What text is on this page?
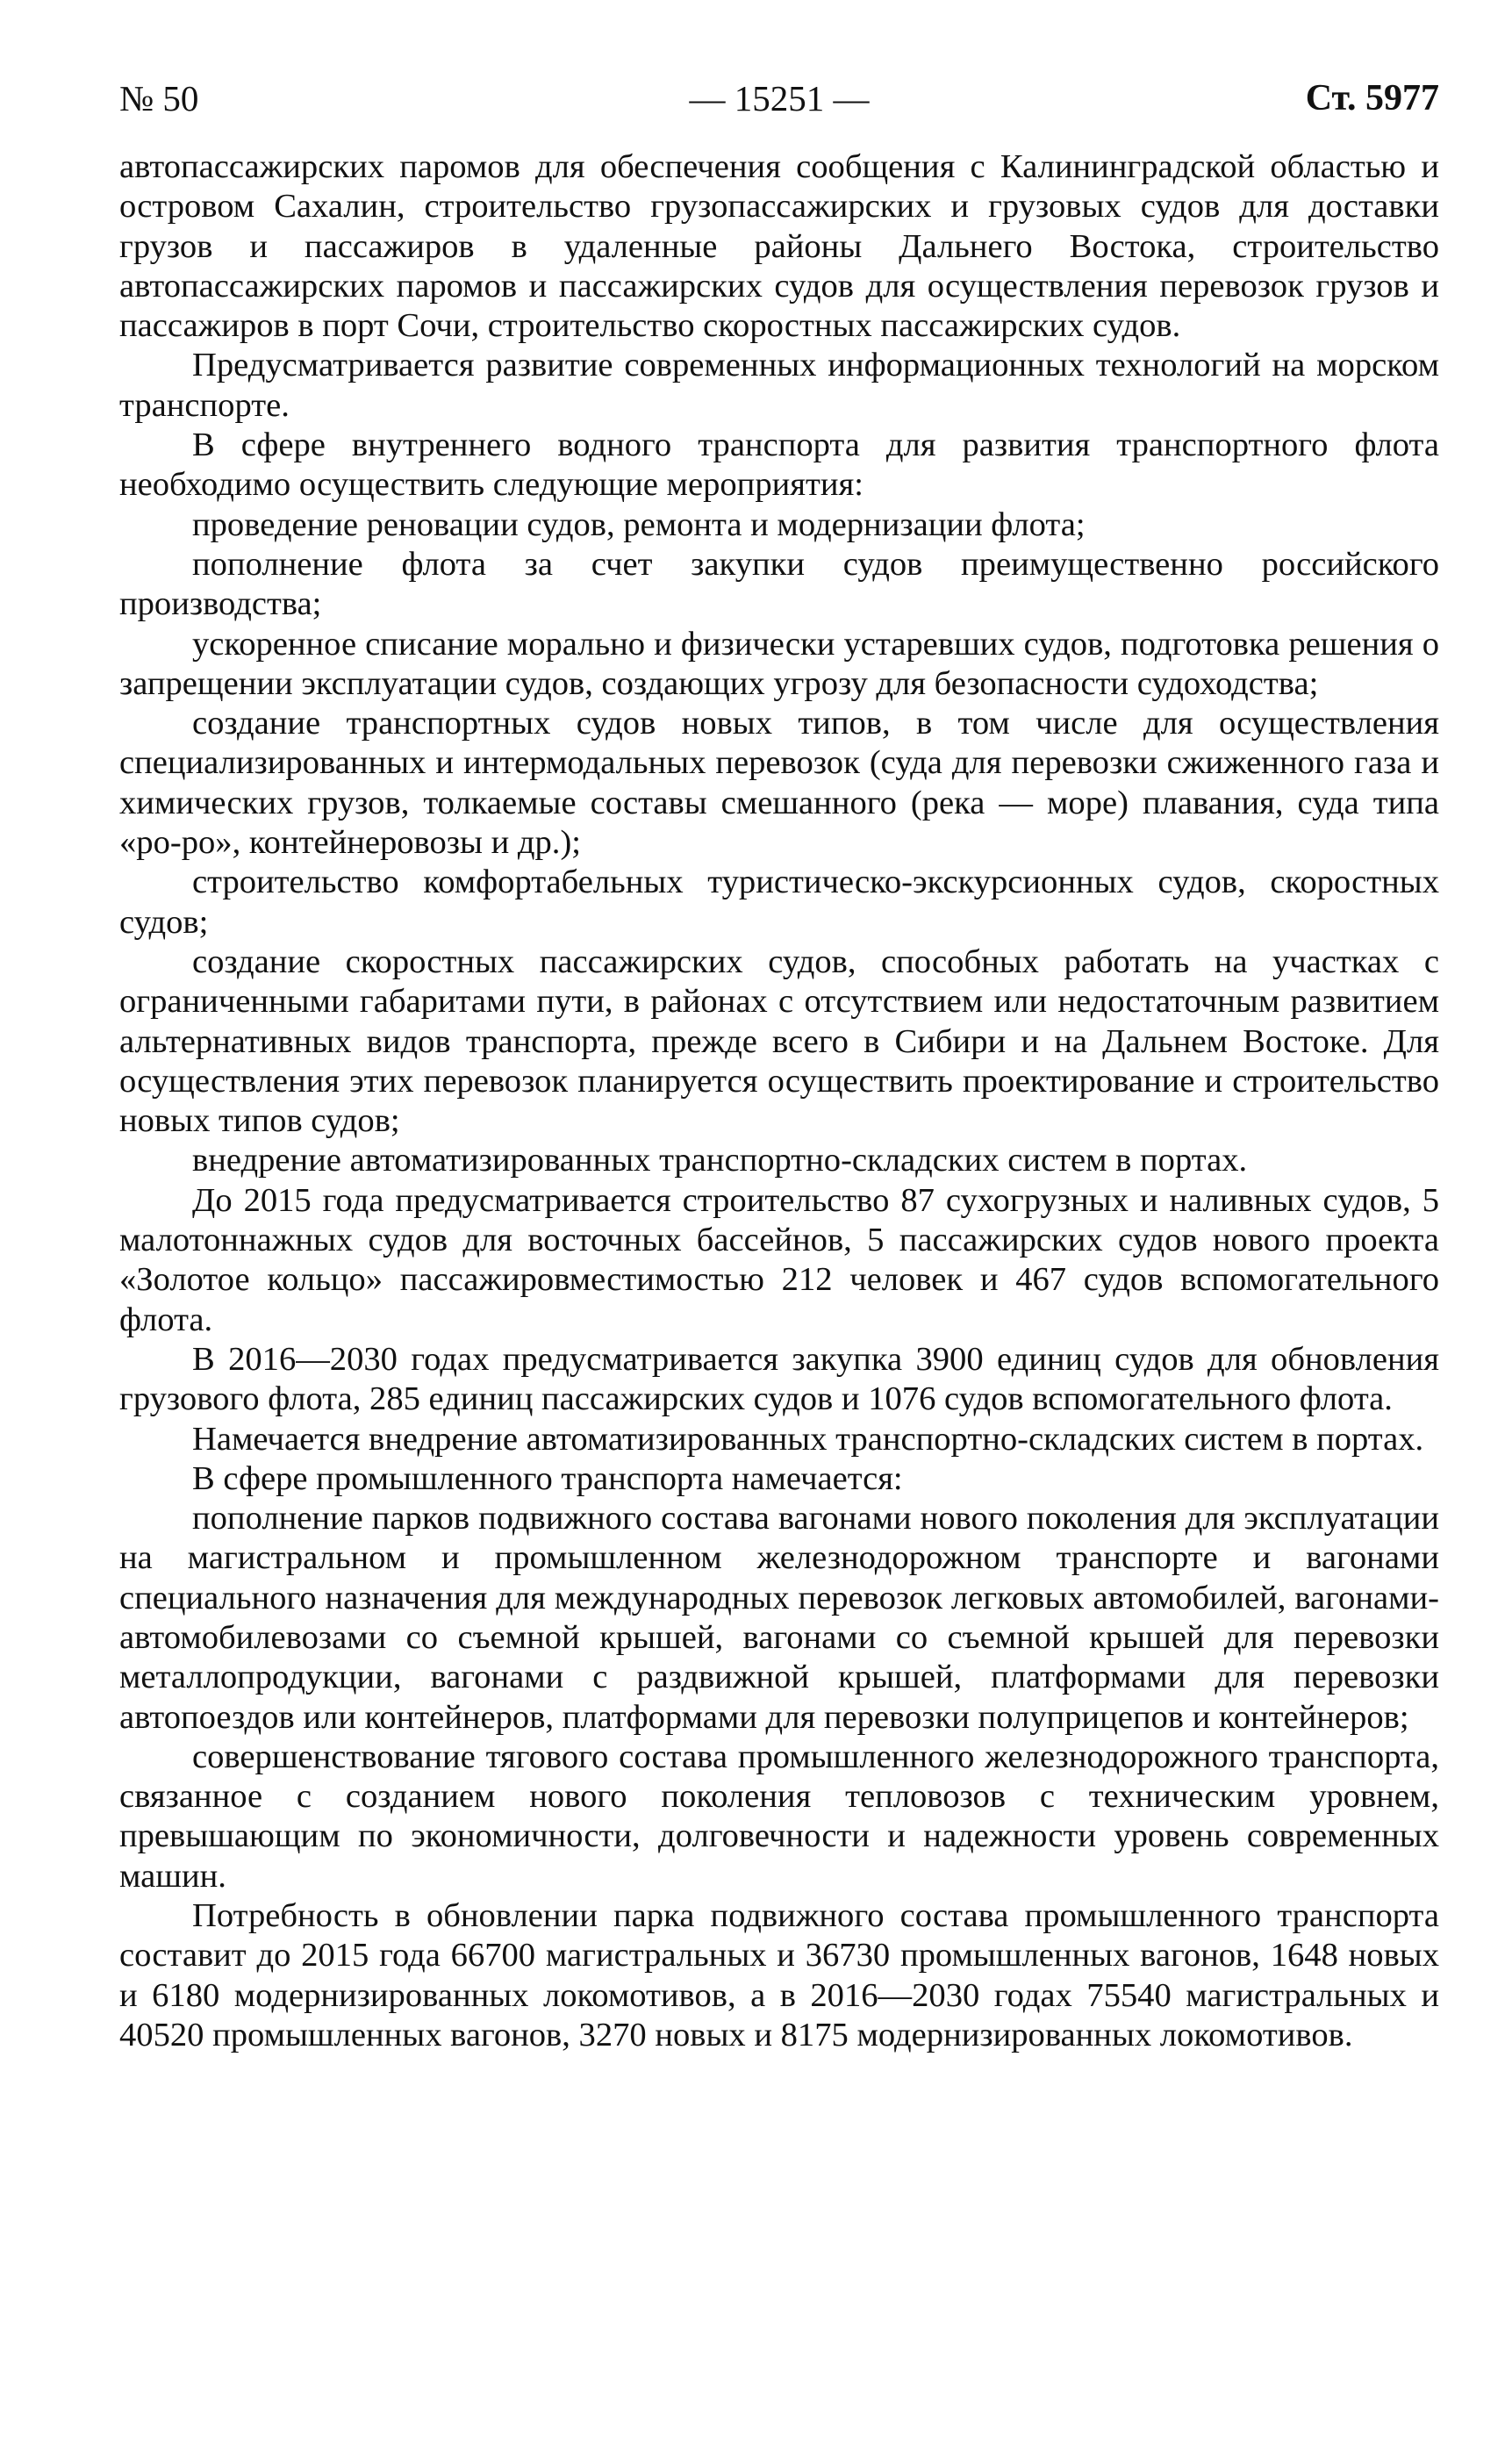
— 15251 —
№ 50	Ст. 5977

автопассажирских паромов для обеспечения сообщения с Калининградской областью и островом Сахалин, строительство грузопассажирских и грузовых судов для доставки грузов и пассажиров в удаленные районы Дальнего Востока, строительство автопассажирских паромов и пассажирских судов для осуществления перевозок грузов и пассажиров в порт Сочи, строительство скоростных пассажирских судов.

Предусматривается развитие современных информационных технологий на морском транспорте.

В сфере внутреннего водного транспорта для развития транспортного флота необходимо осуществить следующие мероприятия:

проведение реновации судов, ремонта и модернизации флота;

пополнение флота за счет закупки судов преимущественно российского производства;

ускоренное списание морально и физически устаревших судов, подготовка решения о запрещении эксплуатации судов, создающих угрозу для безопасности судоходства;

создание транспортных судов новых типов, в том числе для осуществления специализированных и интермодальных перевозок (суда для перевозки сжиженного газа и химических грузов, толкаемые составы смешанного (река — море) плавания, суда типа «ро-ро», контейнеровозы и др.);

строительство комфортабельных туристическо-экскурсионных судов, скоростных судов;

создание скоростных пассажирских судов, способных работать на участках с ограниченными габаритами пути, в районах с отсутствием или недостаточным развитием альтернативных видов транспорта, прежде всего в Сибири и на Дальнем Востоке. Для осуществления этих перевозок планируется осуществить проектирование и строительство новых типов судов;

внедрение автоматизированных транспортно-складских систем в портах.

До 2015 года предусматривается строительство 87 сухогрузных и наливных судов, 5 малотоннажных судов для восточных бассейнов, 5 пассажирских судов нового проекта «Золотое кольцо» пассажировместимостью 212 человек и 467 судов вспомогательного флота.

В 2016—2030 годах предусматривается закупка 3900 единиц судов для обновления грузового флота, 285 единиц пассажирских судов и 1076 судов вспомогательного флота.

Намечается внедрение автоматизированных транспортно-складских систем в портах.

В сфере промышленного транспорта намечается:

пополнение парков подвижного состава вагонами нового поколения для эксплуатации на магистральном и промышленном железнодорожном транспорте и вагонами специального назначения для международных перевозок легковых автомобилей, вагонами-автомобилевозами со съемной крышей, вагонами со съемной крышей для перевозки металлопродукции, вагонами с раздвижной крышей, платформами для перевозки автопоездов или контейнеров, платформами для перевозки полуприцепов и контейнеров;

совершенствование тягового состава промышленного железнодорожного транспорта, связанное с созданием нового поколения тепловозов с техническим уровнем, превышающим по экономичности, долговечности и надежности уровень современных машин.

Потребность в обновлении парка подвижного состава промышленного транспорта составит до 2015 года 66700 магистральных и 36730 промышленных вагонов, 1648 новых и 6180 модернизированных локомотивов, а в 2016—2030 годах 75540 магистральных и 40520 промышленных вагонов, 3270 новых и 8175 модернизированных локомотивов.
